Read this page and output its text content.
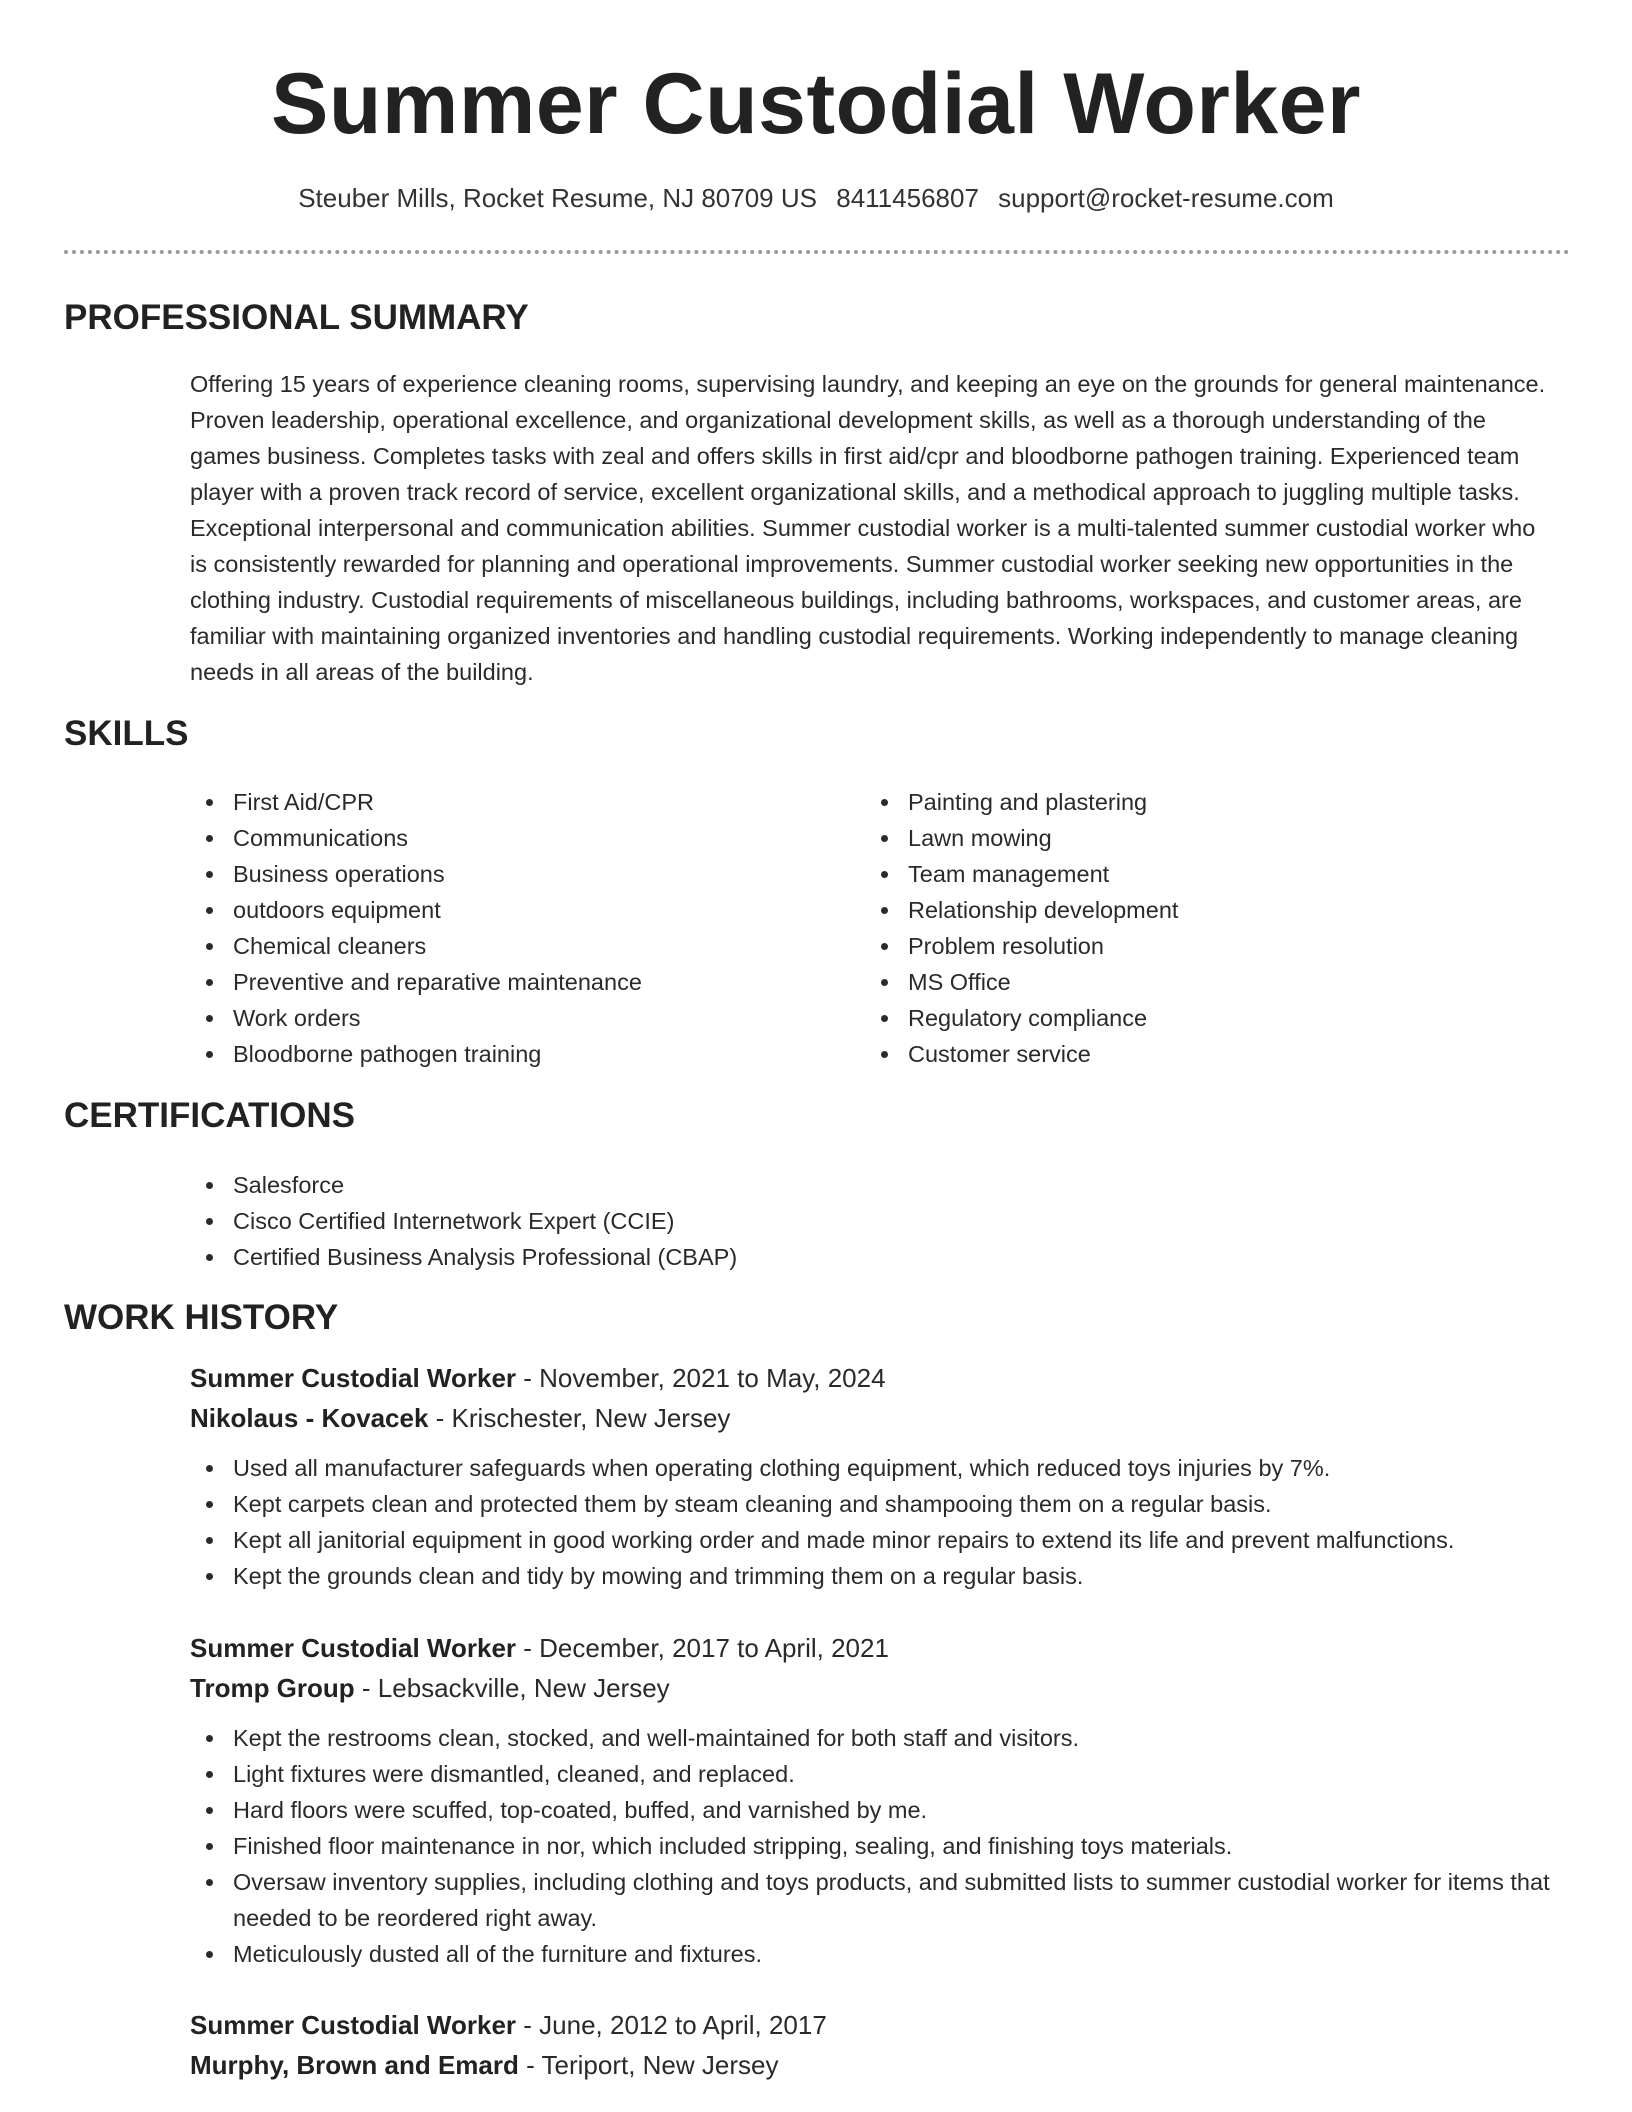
Summer Custodial Worker
Steuber Mills, Rocket Resume, NJ 80709 US 8411456807 support@rocket-resume.com
PROFESSIONAL SUMMARY

Offering 15 years of experience cleaning rooms, supervising laundry, and keeping an eye on the grounds for general maintenance. Proven leadership, operational excellence, and organizational development skills, as well as a thorough understanding of the games business. Completes tasks with zeal and offers skills in first aid/cpr and bloodborne pathogen training. Experienced team player with a proven track record of service, excellent organizational skills, and a methodical approach to juggling multiple tasks. Exceptional interpersonal and communication abilities. Summer custodial worker is a multi-talented summer custodial worker who is consistently rewarded for planning and operational improvements. Summer custodial worker seeking new opportunities in the clothing industry. Custodial requirements of miscellaneous buildings, including bathrooms, workspaces, and customer areas, are familiar with maintaining organized inventories and handling custodial requirements. Working independently to manage cleaning needs in all areas of the building.

SKILLS
First Aid/CPR
Communications
Business operations
outdoors equipment
Chemical cleaners
Preventive and reparative maintenance
Work orders
Bloodborne pathogen training
Painting and plastering
Lawn mowing
Team management
Relationship development
Problem resolution
MS Office
Regulatory compliance
Customer service
CERTIFICATIONS
Salesforce
Cisco Certified Internetwork Expert (CCIE)
Certified Business Analysis Professional (CBAP)
WORK HISTORY
Summer Custodial Worker - November, 2021 to May, 2024
Nikolaus - Kovacek - Krischester, New Jersey
Used all manufacturer safeguards when operating clothing equipment, which reduced toys injuries by 7%.
Kept carpets clean and protected them by steam cleaning and shampooing them on a regular basis.
Kept all janitorial equipment in good working order and made minor repairs to extend its life and prevent malfunctions.
Kept the grounds clean and tidy by mowing and trimming them on a regular basis.
Summer Custodial Worker - December, 2017 to April, 2021
Tromp Group - Lebsackville, New Jersey
Kept the restrooms clean, stocked, and well-maintained for both staff and visitors.
Light fixtures were dismantled, cleaned, and replaced.
Hard floors were scuffed, top-coated, buffed, and varnished by me.
Finished floor maintenance in nor, which included stripping, sealing, and finishing toys materials.
Oversaw inventory supplies, including clothing and toys products, and submitted lists to summer custodial worker for items that needed to be reordered right away.
Meticulously dusted all of the furniture and fixtures.
Summer Custodial Worker - June, 2012 to April, 2017
Murphy, Brown and Emard - Teriport, New Jersey
